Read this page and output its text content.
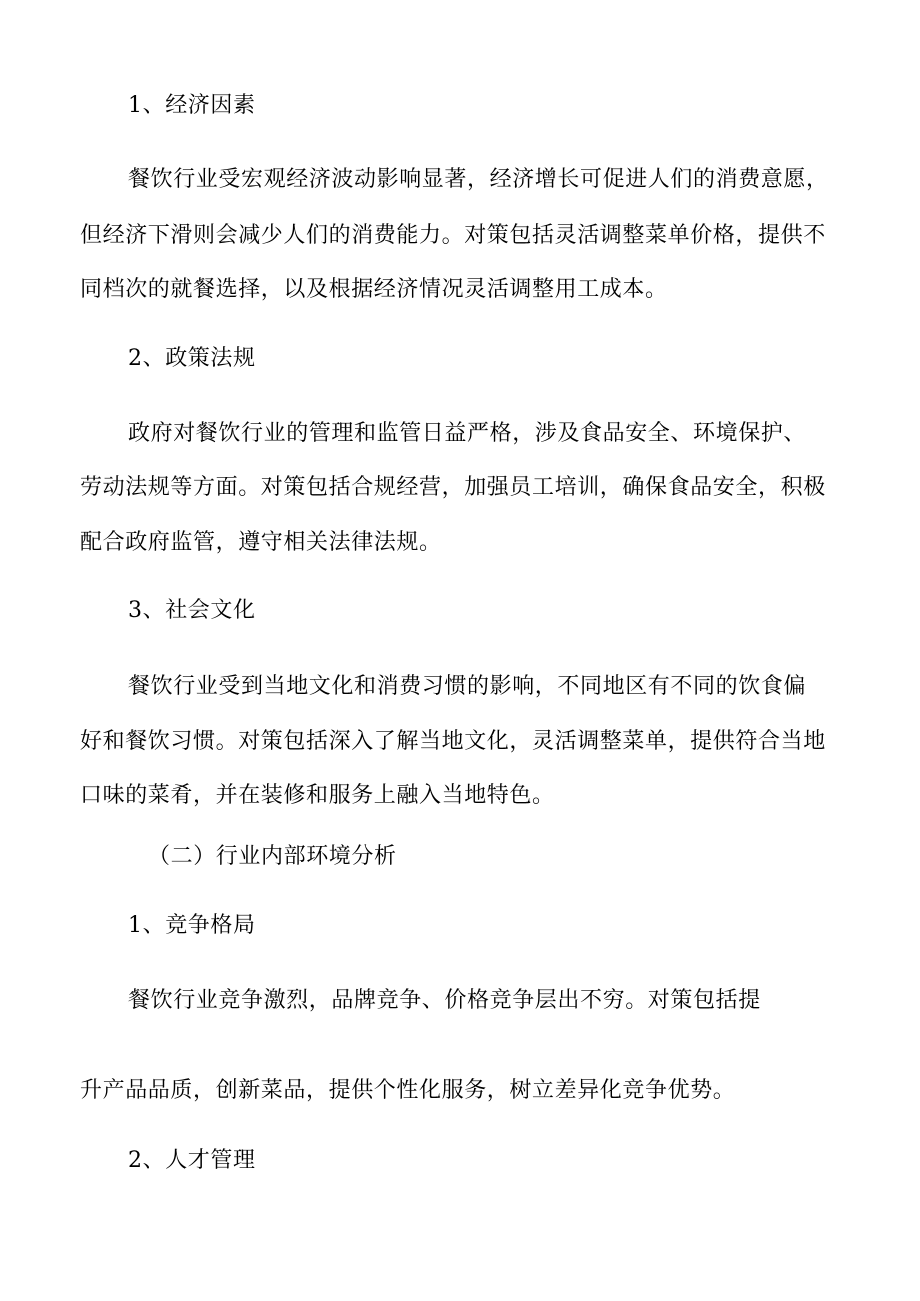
1、经济因素
餐饮行业受宏观经济波动影响显著，经济增长可促进人们的消费意愿，
但经济下滑则会减少人们的消费能力。对策包括灵活调整菜单价格，提供不
同档次的就餐选择，以及根据经济情况灵活调整用工成本。
2、政策法规
政府对餐饮行业的管理和监管日益严格，涉及食品安全、环境保护、
劳动法规等方面。对策包括合规经营，加强员工培训，确保食品安全，积极
配合政府监管，遵守相关法律法规。
3、社会文化
餐饮行业受到当地文化和消费习惯的影响，不同地区有不同的饮食偏
好和餐饮习惯。对策包括深入了解当地文化，灵活调整菜单，提供符合当地
口味的菜肴，并在装修和服务上融入当地特色。
（二）行业内部环境分析
1、竞争格局
餐饮行业竞争激烈，品牌竞争、价格竞争层出不穷。对策包括提
升产品品质，创新菜品，提供个性化服务，树立差异化竞争优势。
2、人才管理
